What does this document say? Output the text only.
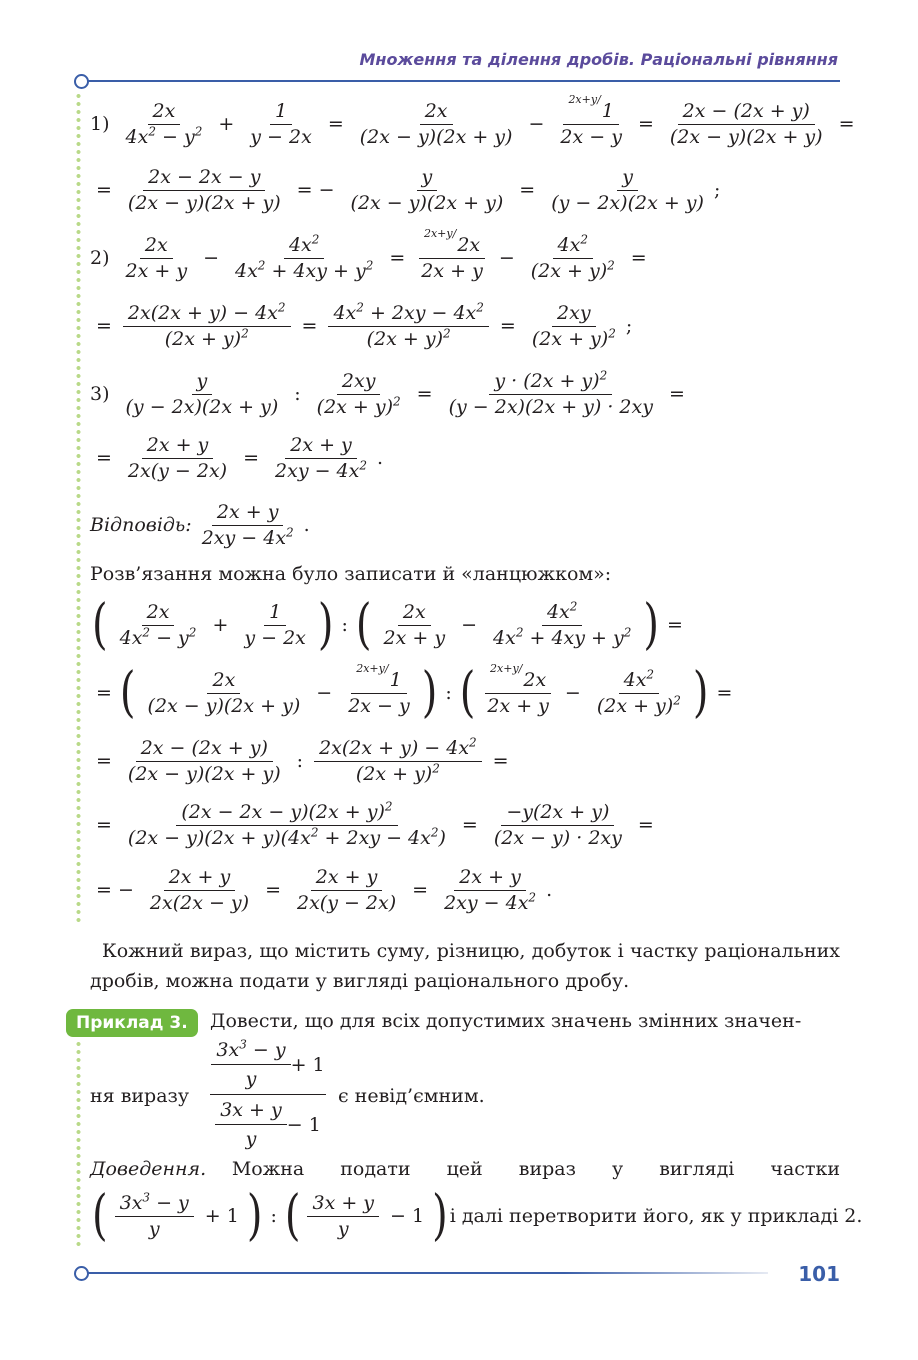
Множення та ділення дробів. Раціональні рівняння
$1) \frac{2x}{4x^2 - y^2} + \frac{1}{y - 2x} = \frac{2x}{(2x - y)(2x + y)} - \frac{^{2x+y/}1}{2x - y} = \frac{2x - (2x + y)}{(2x - y)(2x + y)}$ =
= $\frac{2x - 2x - y}{(2x - y)(2x + y)}$ = − $\frac{y}{(2x - y)(2x + y)} = \frac{y}{(y - 2x)(2x + y)}$ ;
$2) \frac{2x}{2x + y} - \frac{4x^2}{4x^2 + 4xy + y^2} = \frac{^{2x+y/}2x}{2x + y} - \frac{4x^2}{(2x + y)^2}$ =
= $\frac{2x(2x + y) - 4x^2}{(2x + y)^2} = \frac{4x^2 + 2xy - 4x^2}{(2x + y)^2} = \frac{2xy}{(2x + y)^2}$ ;
$3) \frac{y}{(y - 2x)(2x + y)}$ : $\frac{2xy}{(2x + y)^2} = \frac{y \cdot (2x + y)^2}{(y - 2x)(2x + y) \cdot 2xy}$ =
= $\frac{2x + y}{2x(y - 2x)} = \frac{2x + y}{2xy - 4x^2}$ .
Відповідь: $\frac{2x + y}{2xy - 4x^2}$ .
Розв’язання можна було записати й «ланцюжком»:
( $\frac{2x}{4x^2 - y^2} + \frac{1}{y - 2x}$ ) : ( $\frac{2x}{2x + y} - \frac{4x^2}{4x^2 + 4xy + y^2}$ ) =
= ( $\frac{2x}{(2x - y)(2x + y)} - \frac{^{2x+y/}1}{2x - y}$ ) : ( $\frac{^{2x+y/}2x}{2x + y} - \frac{4x^2}{(2x + y)^2}$ ) =
= $\frac{2x - (2x + y)}{(2x - y)(2x + y)}$ : $\frac{2x(2x + y) - 4x^2}{(2x + y)^2}$ =
= $\frac{(2x - 2x - y)(2x + y)^2}{(2x - y)(2x + y)(4x^2 + 2xy - 4x^2)} = \frac{-y(2x + y)}{(2x - y) \cdot 2xy}$ =
= − $\frac{2x + y}{2x(2x - y)} = \frac{2x + y}{2x(y - 2x)} = \frac{2x + y}{2xy - 4x^2}$ .
Кожний вираз, що містить суму, різницю, добуток і частку раціональних дробів, можна подати у вигляді раціонального дробу.
Приклад 3.	Довести, що для всіх допустимих значень змінних значен-
ня виразу
$\frac{3x^3 - y}{y} + 1$
$\frac{3x + y}{y} - 1$
є невід’ємним.
Доведення. Можна подати цей вираз у вигляді частки
( $\frac{3x^3 - y}{y} + 1$ ) : ( $\frac{3x + y}{y} - 1$ ) і далі перетворити його, як у прикладі 2.
101
